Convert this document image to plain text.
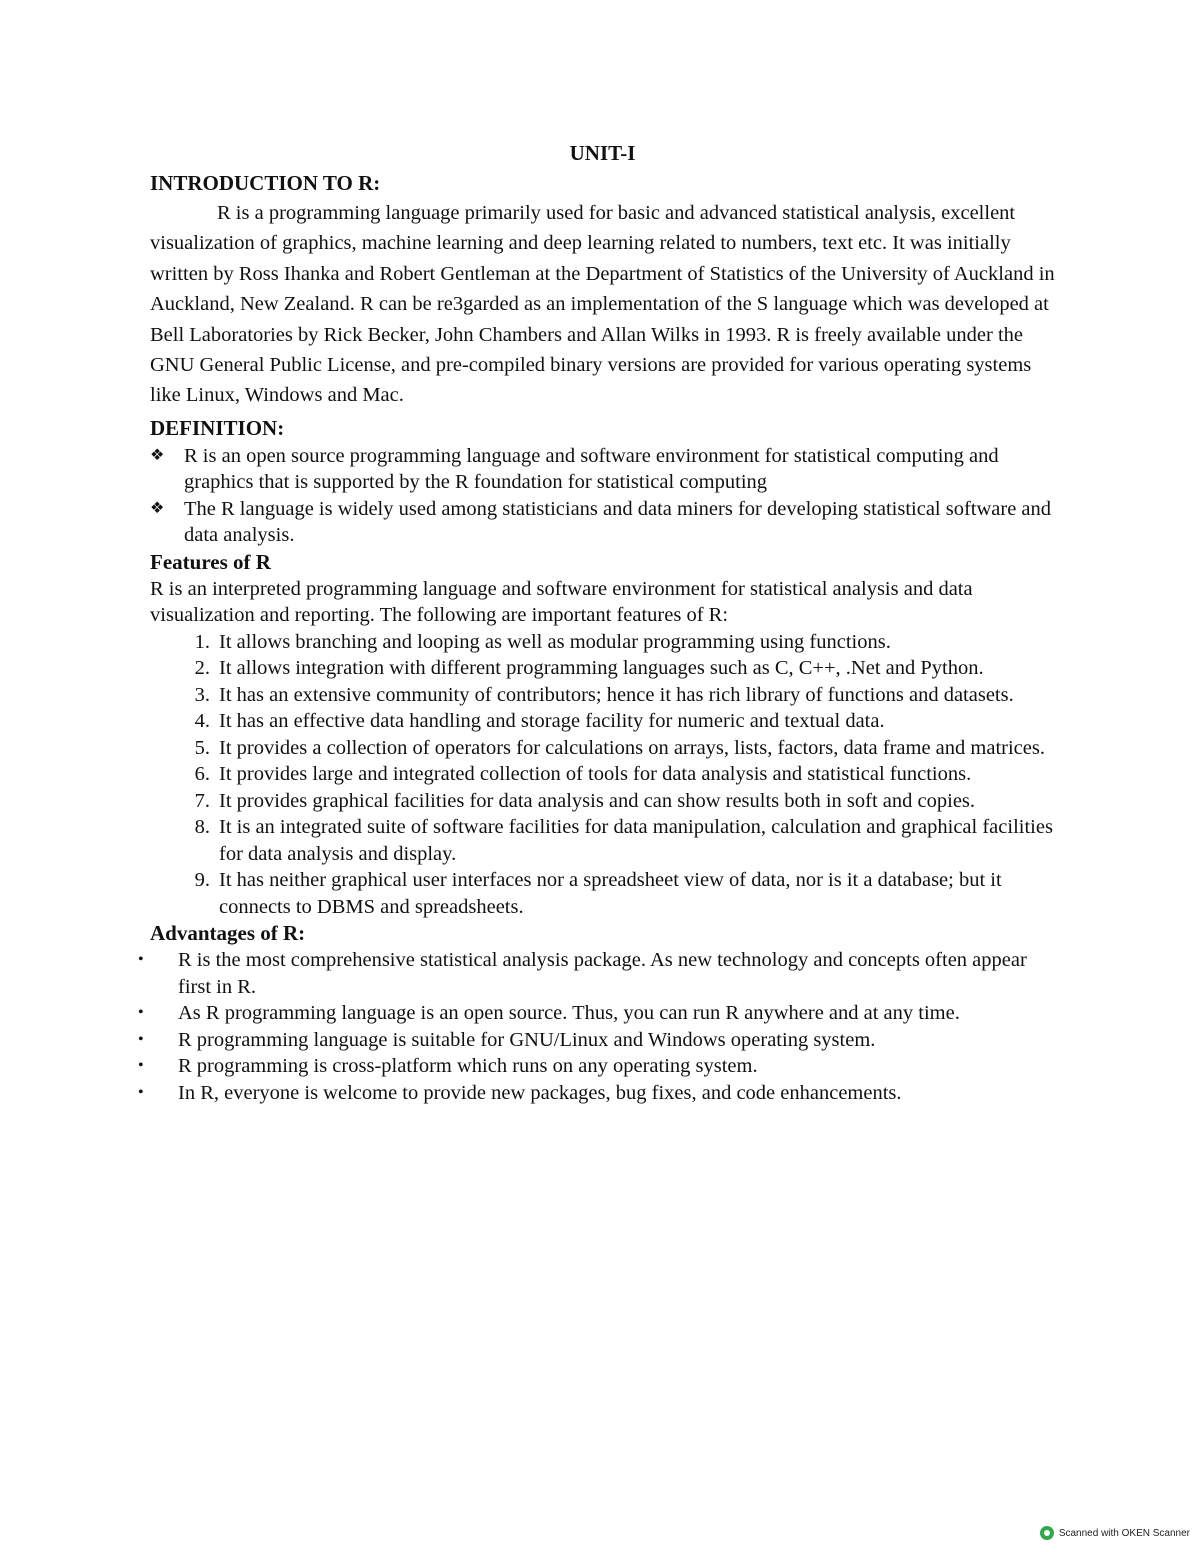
UNIT-I
INTRODUCTION TO R:

R is a programming language primarily used for basic and advanced statistical analysis, excellent visualization of graphics, machine learning and deep learning related to numbers, text etc. It was initially written by Ross Ihanka and Robert Gentleman at the Department of Statistics of the University of Auckland in Auckland, New Zealand. R can be re3garded as an implementation of the S language which was developed at Bell Laboratories by Rick Becker, John Chambers and Allan Wilks in 1993. R is freely available under the GNU General Public License, and pre-compiled binary versions are provided for various operating systems like Linux, Windows and Mac.

DEFINITION:
❖ R is an open source programming language and software environment for statistical computing and graphics that is supported by the R foundation for statistical computing
❖ The R language is widely used among statisticians and data miners for developing statistical software and data analysis.
Features of R

R is an interpreted programming language and software environment for statistical analysis and data visualization and reporting. The following are important features of R:

1. It allows branching and looping as well as modular programming using functions.
2. It allows integration with different programming languages such as C, C++, .Net and Python.
3. It has an extensive community of contributors; hence it has rich library of functions and datasets.
4. It has an effective data handling and storage facility for numeric and textual data.
5. It provides a collection of operators for calculations on arrays, lists, factors, data frame and matrices.
6. It provides large and integrated collection of tools for data analysis and statistical functions.
7. It provides graphical facilities for data analysis and can show results both in soft and copies.
8. It is an integrated suite of software facilities for data manipulation, calculation and graphical facilities for data analysis and display.
9. It has neither graphical user interfaces nor a spreadsheet view of data, nor is it a database; but it connects to DBMS and spreadsheets.
Advantages of R:
• R is the most comprehensive statistical analysis package. As new technology and concepts often appear first in R.
• As R programming language is an open source. Thus, you can run R anywhere and at any time.
• R programming language is suitable for GNU/Linux and Windows operating system.
• R programming is cross-platform which runs on any operating system.
• In R, everyone is welcome to provide new packages, bug fixes, and code enhancements.
Scanned with OKEN Scanner
